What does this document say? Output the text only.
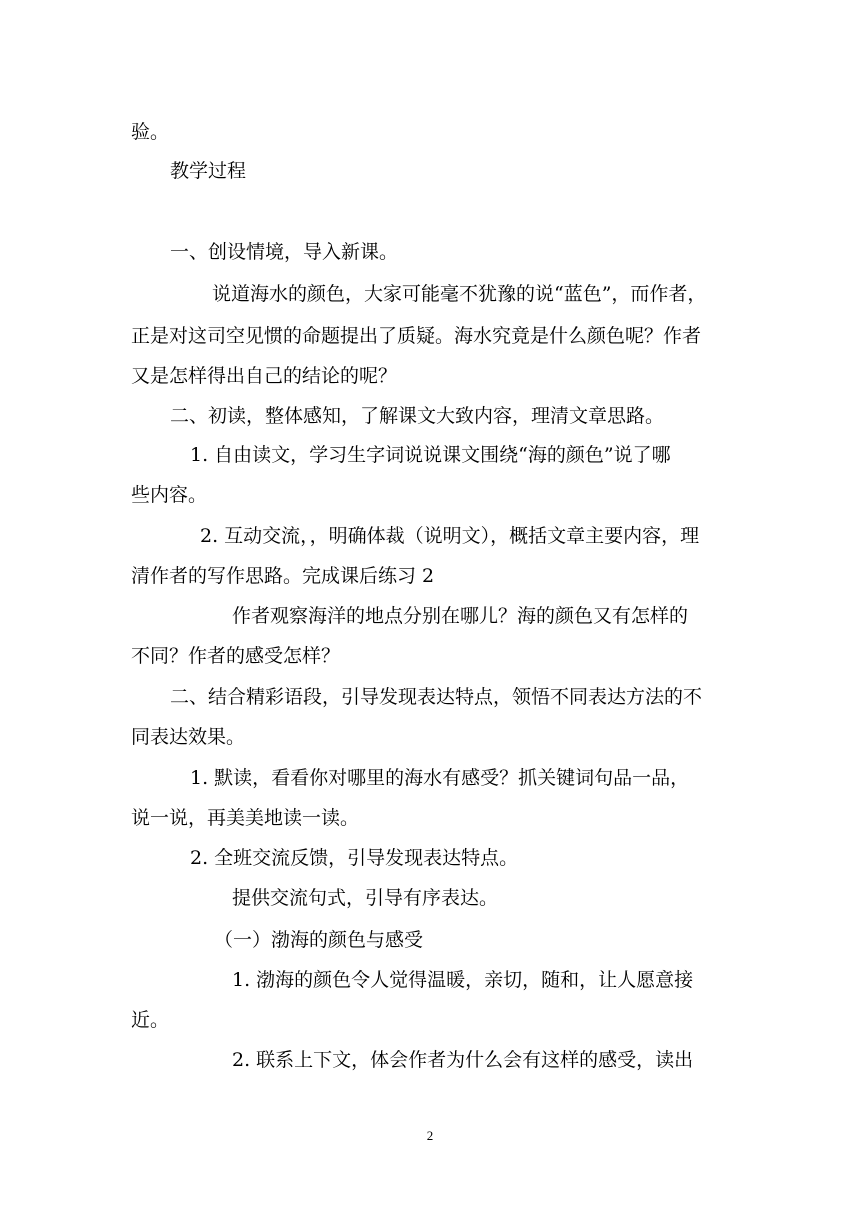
验。
教学过程
一、创设情境，导入新课。
说道海水的颜色，大家可能毫不犹豫的说“蓝色”，而作者，
正是对这司空见惯的命题提出了质疑。海水究竟是什么颜色呢？作者
又是怎样得出自己的结论的呢？
二、初读，整体感知，了解课文大致内容，理清文章思路。
1. 自由读文，学习生字词说说课文围绕“海的颜色”说了哪
些内容。
2. 互动交流，，明确体裁（说明文），概括文章主要内容，理
清作者的写作思路。完成课后练习 2
作者观察海洋的地点分别在哪儿？海的颜色又有怎样的
不同？作者的感受怎样？
二、结合精彩语段，引导发现表达特点，领悟不同表达方法的不
同表达效果。
1. 默读，看看你对哪里的海水有感受？抓关键词句品一品，
说一说，再美美地读一读。
2. 全班交流反馈，引导发现表达特点。
提供交流句式，引导有序表达。
（一）渤海的颜色与感受
1. 渤海的颜色令人觉得温暖，亲切，随和，让人愿意接
近。
2. 联系上下文，体会作者为什么会有这样的感受，读出
2
